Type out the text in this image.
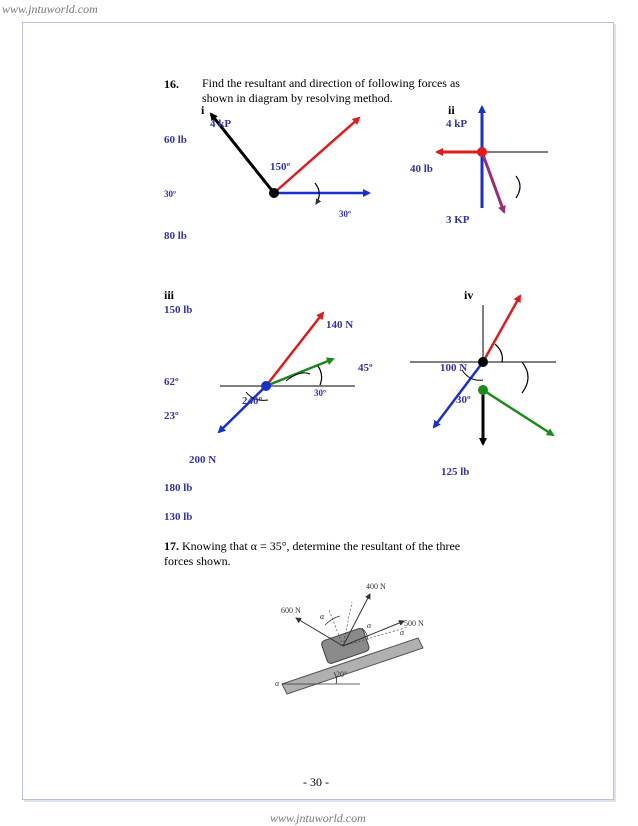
www.jntuworld.com
www.jntuworld.com
16. Find the resultant and direction of following forces as
shown in diagram by resolving method.
i
4 kP
60 lb
150º
30º
30º
80 lb
ii
4 kP
40 lb
3 KP
iii
150 lb
140 N
45º
62º
240º
30º
23º
200 N
180 lb
130 lb
iv
100 N
30º
125 lb
17. Knowing that α = 35°, determine the resultant of the three
forces shown.
400 N
600 N
500 N
α
α
α
α
20°
- 30 -
